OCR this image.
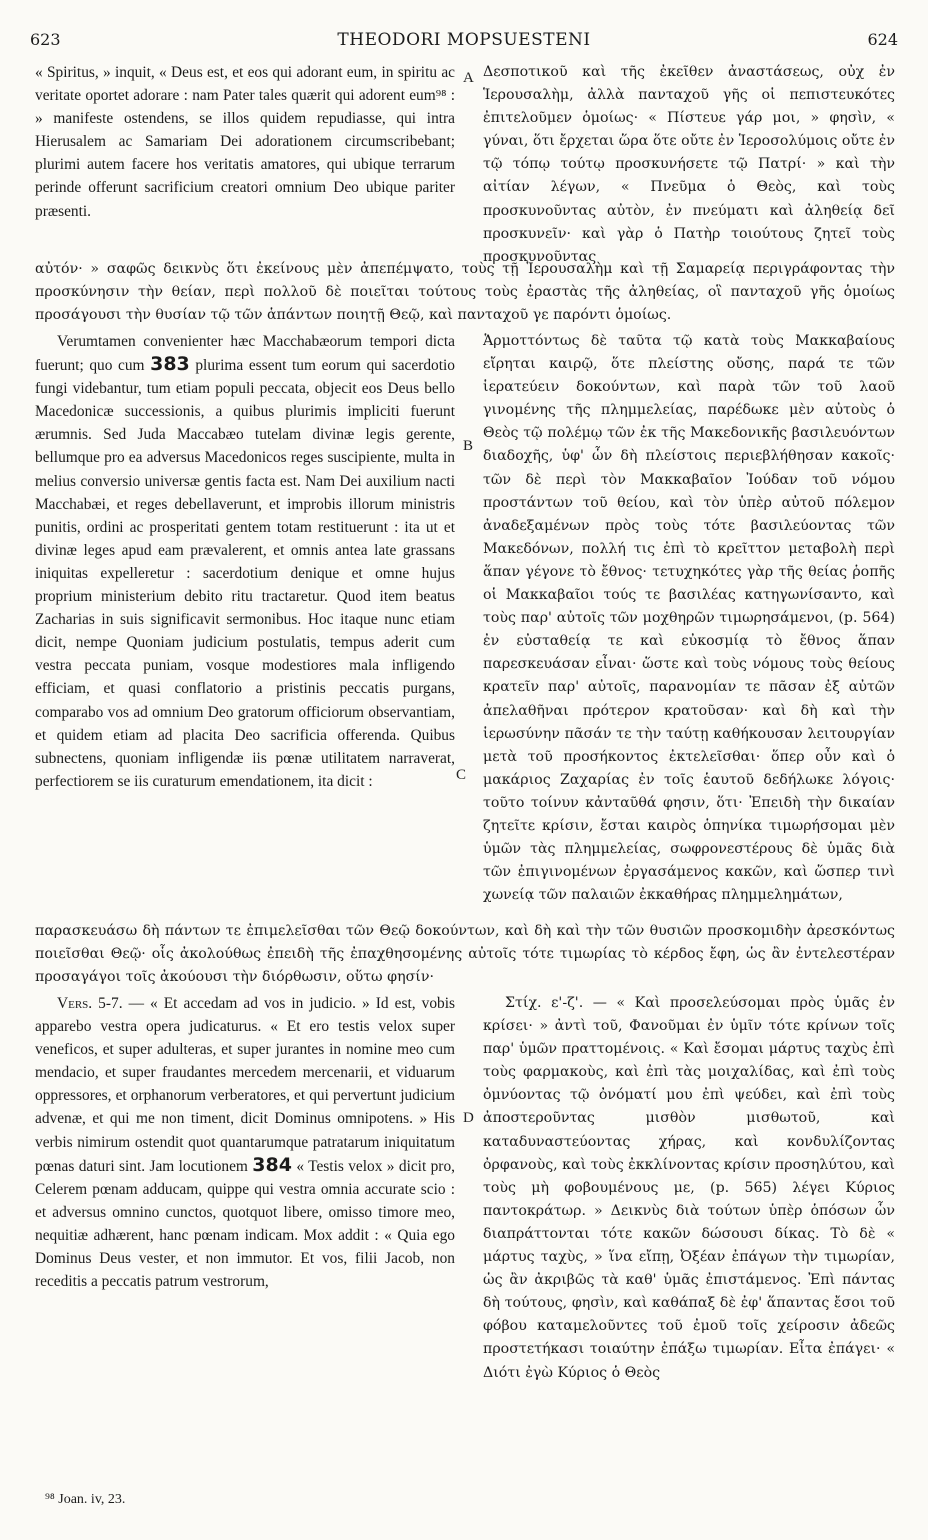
623	THEODORI MOPSUESTENI	624

« Spiritus, » inquit, « Deus est, et eos qui adorant eum, in spiritu ac veritate oportet adorare : nam Pater tales quærit qui adorent eum⁹⁸ : » manifeste ostendens, se illos quidem repudiasse, qui intra Hierusalem ac Samariam Dei adorationem circumscribebant; plurimi autem facere hos veritatis amatores, qui ubique terrarum perinde offerunt sacrificium creatori omnium Deo ubique pariter præsenti.

A Δεσποτικοῦ καὶ τῆς ἐκεῖθεν ἀναστάσεως, οὐχ ἐν Ἱερουσαλὴμ, ἀλλὰ πανταχοῦ γῆς οἱ πεπιστευκότες ἐπιτελοῦμεν ὁμοίως· « Πίστευε γάρ μοι, » φησὶν, « γύναι, ὅτι ἔρχεται ὥρα ὅτε οὔτε ἐν Ἱεροσολύμοις οὔτε ἐν τῷ τόπῳ τούτῳ προσκυνήσετε τῷ Πατρί· » καὶ τὴν αἰτίαν λέγων, « Πνεῦμα ὁ Θεὸς, καὶ τοὺς προσκυνοῦντας αὐτὸν, ἐν πνεύματι καὶ ἀληθείᾳ δεῖ προσκυνεῖν· καὶ γὰρ ὁ Πατὴρ τοιούτους ζητεῖ τοὺς προσκυνοῦντας

αὐτόν· » σαφῶς δεικνὺς ὅτι ἐκείνους μὲν ἀπεπέμψατο, τοὺς τῇ Ἱερουσαλὴμ καὶ τῇ Σαμαρείᾳ περιγράφοντας τὴν προσκύνησιν τὴν θείαν, περὶ πολλοῦ δὲ ποιεῖται τούτους τοὺς ἐραστὰς τῆς ἀληθείας, οἳ πανταχοῦ γῆς ὁμοίως προσάγουσι τὴν θυσίαν τῷ τῶν ἁπάντων ποιητῇ Θεῷ, καὶ πανταχοῦ γε παρόντι ὁμοίως.

Verumtamen convenienter hæc Macchabæorum tempori dicta fuerunt; quo cum 383 plurima essent tum eorum qui sacerdotio fungi videbantur, tum etiam populi peccata, objecit eos Deus bello Macedonicæ successionis, a quibus plurimis impliciti fuerunt ærumnis. Sed Juda Maccabæo tutelam divinæ legis gerente, bellumque pro ea adversus Macedonicos reges suscipiente, multa in melius conversio universæ gentis facta est. Nam Dei auxilium nacti Macchabæi, et reges debellaverunt, et improbis illorum ministris punitis, ordini ac prosperitati gentem totam restituerunt : ita ut et divinæ leges apud eam prævalerent, et omnis antea late grassans iniquitas expelleretur : sacerdotium denique et omne hujus proprium ministerium debito ritu tractaretur. Quod item beatus Zacharias in suis significavit sermonibus. Hoc itaque nunc etiam dicit, nempe Quoniam judicium postulatis, tempus aderit cum vestra peccata puniam, vosque modestiores mala infligendo efficiam, et quasi conflatorio a pristinis peccatis purgans, comparabo vos ad omnium Deo gratorum officiorum observantiam, et quidem etiam ad placita Deo sacrificia offerenda. Quibus subnectens, quoniam infligendæ iis pœnæ utilitatem narraverat, perfectiorem se iis curaturum emendationem, ita dicit :

B
C

Ἁρμοττόντως δὲ ταῦτα τῷ κατὰ τοὺς Μακκαβαίους εἴρηται καιρῷ, ὅτε πλείστης οὔσης, παρά τε τῶν ἱερατεύειν δοκούντων, καὶ παρὰ τῶν τοῦ λαοῦ γινομένης τῆς πλημμελείας, παρέδωκε μὲν αὐτοὺς ὁ Θεὸς τῷ πολέμῳ τῶν ἐκ τῆς Μακεδονικῆς βασιλευόντων διαδοχῆς, ὑφ' ὧν δὴ πλείστοις περιεβλήθησαν κακοῖς· τῶν δὲ περὶ τὸν Μακκαβαῖον Ἰούδαν τοῦ νόμου προστάντων τοῦ θείου, καὶ τὸν ὑπὲρ αὐτοῦ πόλεμον ἀναδεξαμένων πρὸς τοὺς τότε βασιλεύοντας τῶν Μακεδόνων, πολλή τις ἐπὶ τὸ κρεῖττον μεταβολὴ περὶ ἅπαν γέγονε τὸ ἔθνος· τετυχηκότες γὰρ τῆς θείας ῥοπῆς οἱ Μακκαβαῖοι τούς τε βασιλέας κατηγωνίσαντο, καὶ τοὺς παρ' αὐτοῖς τῶν μοχθηρῶν τιμωρησάμενοι, (p. 564) ἐν εὐσταθείᾳ τε καὶ εὐκοσμίᾳ τὸ ἔθνος ἅπαν παρεσκευάσαν εἶναι· ὥστε καὶ τοὺς νόμους τοὺς θείους κρατεῖν παρ' αὐτοῖς, παρανομίαν τε πᾶσαν ἐξ αὐτῶν ἀπελαθῆναι πρότερον κρατοῦσαν· καὶ δὴ καὶ τὴν ἱερωσύνην πᾶσάν τε τὴν ταύτῃ καθήκουσαν λειτουργίαν μετὰ τοῦ προσήκοντος ἐκτελεῖσθαι· ὅπερ οὖν καὶ ὁ μακάριος Ζαχαρίας ἐν τοῖς ἑαυτοῦ δεδήλωκε λόγοις· τοῦτο τοίνυν κἀνταῦθά φησιν, ὅτι· Ἐπειδὴ τὴν δικαίαν ζητεῖτε κρίσιν, ἔσται καιρὸς ὁπηνίκα τιμωρήσομαι μὲν ὑμῶν τὰς πλημμελείας, σωφρονεστέρους δὲ ὑμᾶς διὰ τῶν ἐπιγινομένων ἐργασάμενος κακῶν, καὶ ὥσπερ τινὶ χωνείᾳ τῶν παλαιῶν ἐκκαθήρας πλημμελημάτων,

παρασκευάσω δὴ πάντων τε ἐπιμελεῖσθαι τῶν Θεῷ δοκούντων, καὶ δὴ καὶ τὴν τῶν θυσιῶν προσκομιδὴν ἀρεσκόντως ποιεῖσθαι Θεῷ· οἷς ἀκολούθως ἐπειδὴ τῆς ἐπαχθησομένης αὐτοῖς τότε τιμωρίας τὸ κέρδος ἔφη, ὡς ἂν ἐντελεστέραν προσαγάγοι τοῖς ἀκούουσι τὴν διόρθωσιν, οὕτω φησίν·

Vers. 5-7. — « Et accedam ad vos in judicio. » Id est, vobis apparebo vestra opera judicaturus. « Et ero testis velox super veneficos, et super adulteras, et super jurantes in nomine meo cum mendacio, et super fraudantes mercedem mercenarii, et viduarum oppressores, et orphanorum verberatores, et qui pervertunt judicium advenæ, et qui me non timent, dicit Dominus omnipotens. » His verbis nimirum ostendit quot quantarumque patratarum iniquitatum pœnas daturi sint. Jam locutionem 384 « Testis velox » dicit pro, Celerem pœnam adducam, quippe qui vestra omnia accurate scio : et adversus omnino cunctos, quotquot libere, omisso timore meo, nequitiæ adhærent, hanc pœnam indicam. Mox addit : « Quia ego Dominus Deus vester, et non immutor. Et vos, filii Jacob, non receditis a peccatis patrum vestrorum,

D

Στίχ. ε'-ζ'. — « Καὶ προσελεύσομαι πρὸς ὑμᾶς ἐν κρίσει· » ἀντὶ τοῦ, Φανοῦμαι ἐν ὑμῖν τότε κρίνων τοῖς παρ' ὑμῶν πραττομένοις. « Καὶ ἔσομαι μάρτυς ταχὺς ἐπὶ τοὺς φαρμακοὺς, καὶ ἐπὶ τὰς μοιχαλίδας, καὶ ἐπὶ τοὺς ὀμνύοντας τῷ ὀνόματί μου ἐπὶ ψεύδει, καὶ ἐπὶ τοὺς ἀποστεροῦντας μισθὸν μισθωτοῦ, καὶ καταδυναστεύοντας χήρας, καὶ κονδυλίζοντας ὀρφανοὺς, καὶ τοὺς ἐκκλίνοντας κρίσιν προσηλύτου, καὶ τοὺς μὴ φοβουμένους με, (p. 565) λέγει Κύριος παντοκράτωρ. » Δεικνὺς διὰ τούτων ὑπὲρ ὁπόσων ὧν διαπράττονται τότε κακῶν δώσουσι δίκας. Τὸ δὲ « μάρτυς ταχὺς, » ἵνα εἴπῃ, Ὀξέαν ἐπάγων τὴν τιμωρίαν, ὡς ἂν ἀκριβῶς τὰ καθ' ὑμᾶς ἐπιστάμενος. Ἐπὶ πάντας δὴ τούτους, φησὶν, καὶ καθάπαξ δὲ ἐφ' ἅπαντας ἔσοι τοῦ φόβου καταμελοῦντες τοῦ ἐμοῦ τοῖς χείροσιν ἀδεῶς προστετήκασι τοιαύτην ἐπάξω τιμωρίαν. Εἶτα ἐπάγει· « Διότι ἐγὼ Κύριος ὁ Θεὸς

⁹⁸ Joan. iv, 23.
